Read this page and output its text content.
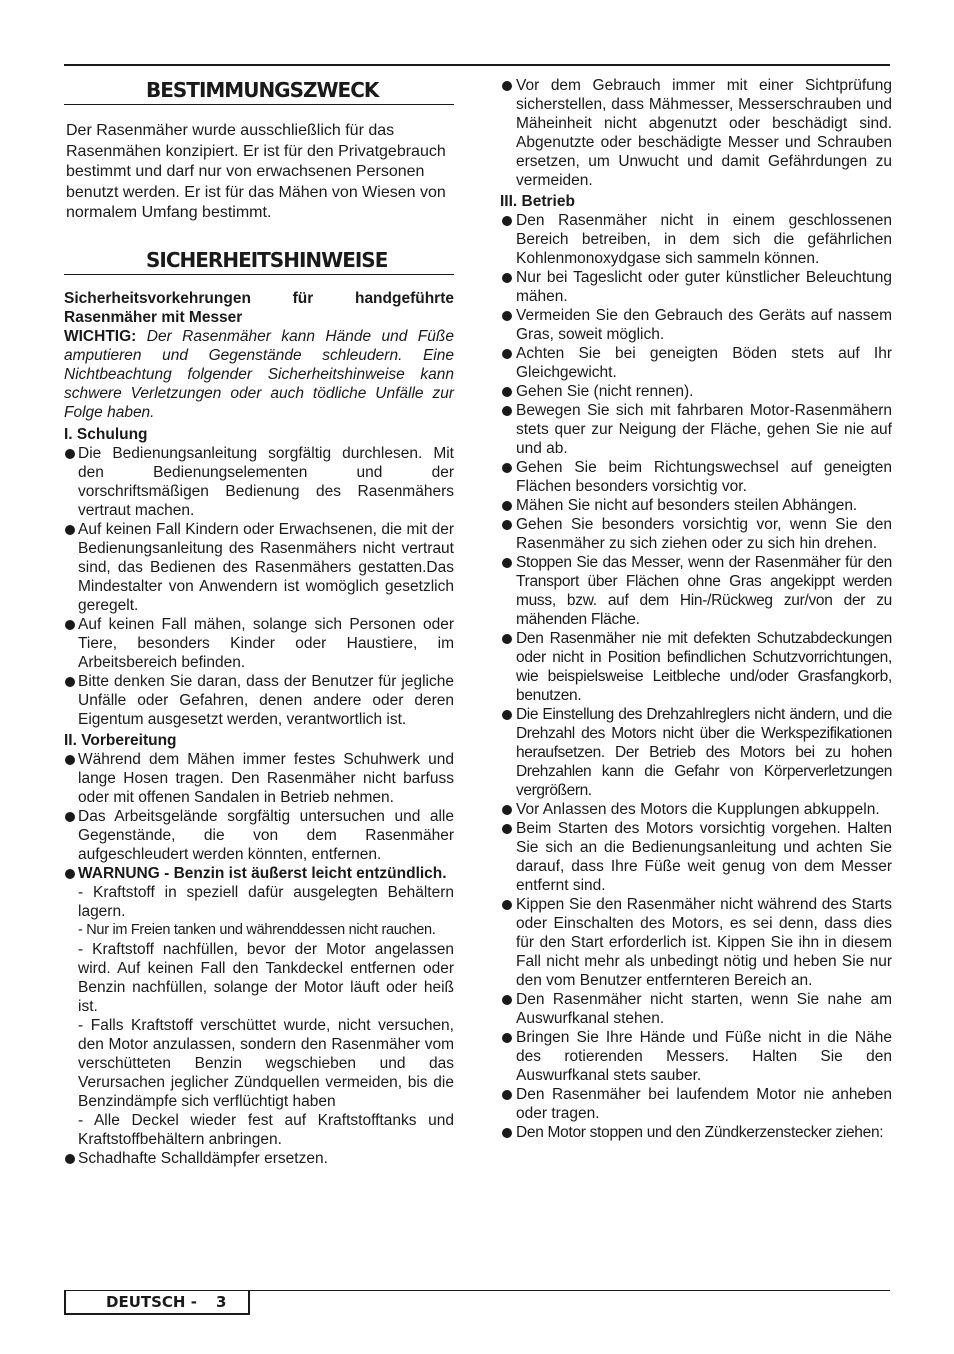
BESTIMMUNGSZWECK

Der Rasenmäher wurde ausschließlich für das Rasenmähen konzipiert. Er ist für den Privatgebrauch bestimmt und darf nur von erwachsenen Personen benutzt werden. Er ist für das Mähen von Wiesen von normalem Umfang bestimmt.

SICHERHEITSHINWEISE

Sicherheitsvorkehrungen für handgeführte Rasenmäher mit Messer

WICHTIG: Der Rasenmäher kann Hände und Füße amputieren und Gegenstände schleudern. Eine Nichtbeachtung folgender Sicherheitshinweise kann schwere Verletzungen oder auch tödliche Unfälle zur Folge haben.

I. Schulung
Die Bedienungsanleitung sorgfältig durchlesen. Mit den Bedienungselementen und der vorschriftsmäßigen Bedienung des Rasenmähers vertraut machen.
Auf keinen Fall Kindern oder Erwachsenen, die mit der Bedienungsanleitung des Rasenmähers nicht vertraut sind, das Bedienen des Rasenmähers gestatten.Das Mindestalter von Anwendern ist womöglich gesetzlich geregelt.
Auf keinen Fall mähen, solange sich Personen oder Tiere, besonders Kinder oder Haustiere, im Arbeitsbereich befinden.
Bitte denken Sie daran, dass der Benutzer für jegliche Unfälle oder Gefahren, denen andere oder deren Eigentum ausgesetzt werden, verantwortlich ist.
II. Vorbereitung
Während dem Mähen immer festes Schuhwerk und lange Hosen tragen. Den Rasenmäher nicht barfuss oder mit offenen Sandalen in Betrieb nehmen.
Das Arbeitsgelände sorgfältig untersuchen und alle Gegenstände, die von dem Rasenmäher aufgeschleudert werden könnten, entfernen.
WARNUNG - Benzin ist äußerst leicht entzündlich.
- Kraftstoff in speziell dafür ausgelegten Behältern lagern.
- Nur im Freien tanken und währenddessen nicht rauchen.
- Kraftstoff nachfüllen, bevor der Motor angelassen wird. Auf keinen Fall den Tankdeckel entfernen oder Benzin nachfüllen, solange der Motor läuft oder heiß ist.
- Falls Kraftstoff verschüttet wurde, nicht versuchen, den Motor anzulassen, sondern den Rasenmäher vom verschütteten Benzin wegschieben und das Verursachen jeglicher Zündquellen vermeiden, bis die Benzindämpfe sich verflüchtigt haben
- Alle Deckel wieder fest auf Kraftstofftanks und Kraftstoffbehältern anbringen.
Schadhafte Schalldämpfer ersetzen.
Vor dem Gebrauch immer mit einer Sichtprüfung sicherstellen, dass Mähmesser, Messerschrauben und Mäheinheit nicht abgenutzt oder beschädigt sind. Abgenutzte oder beschädigte Messer und Schrauben ersetzen, um Unwucht und damit Gefährdungen zu vermeiden.
III. Betrieb
Den Rasenmäher nicht in einem geschlossenen Bereich betreiben, in dem sich die gefährlichen Kohlenmonoxydgase sich sammeln können.
Nur bei Tageslicht oder guter künstlicher Beleuchtung mähen.
Vermeiden Sie den Gebrauch des Geräts auf nassem Gras, soweit möglich.
Achten Sie bei geneigten Böden stets auf Ihr Gleichgewicht.
Gehen Sie (nicht rennen).
Bewegen Sie sich mit fahrbaren Motor-Rasenmähern stets quer zur Neigung der Fläche, gehen Sie nie auf und ab.
Gehen Sie beim Richtungswechsel auf geneigten Flächen besonders vorsichtig vor.
Mähen Sie nicht auf besonders steilen Abhängen.
Gehen Sie besonders vorsichtig vor, wenn Sie den Rasenmäher zu sich ziehen oder zu sich hin drehen.
Stoppen Sie das Messer, wenn der Rasenmäher für den Transport über Flächen ohne Gras angekippt werden muss, bzw. auf dem Hin-/Rückweg zur/von der zu mähenden Fläche.
Den Rasenmäher nie mit defekten Schutzabdeckungen oder nicht in Position befindlichen Schutzvorrichtungen, wie beispielsweise Leitbleche und/oder Grasfangkorb, benutzen.
Die Einstellung des Drehzahlreglers nicht ändern, und die Drehzahl des Motors nicht über die Werkspezifikationen heraufsetzen. Der Betrieb des Motors bei zu hohen Drehzahlen kann die Gefahr von Körperverletzungen vergrößern.
Vor Anlassen des Motors die Kupplungen abkuppeln.
Beim Starten des Motors vorsichtig vorgehen. Halten Sie sich an die Bedienungsanleitung und achten Sie darauf, dass Ihre Füße weit genug von dem Messer entfernt sind.
Kippen Sie den Rasenmäher nicht während des Starts oder Einschalten des Motors, es sei denn, dass dies für den Start erforderlich ist. Kippen Sie ihn in diesem Fall nicht mehr als unbedingt nötig und heben Sie nur den vom Benutzer entfernteren Bereich an.
Den Rasenmäher nicht starten, wenn Sie nahe am Auswurfkanal stehen.
Bringen Sie Ihre Hände und Füße nicht in die Nähe des rotierenden Messers. Halten Sie den Auswurfkanal stets sauber.
Den Rasenmäher bei laufendem Motor nie anheben oder tragen.
Den Motor stoppen und den Zündkerzenstecker ziehen:
DEUTSCH - 3
